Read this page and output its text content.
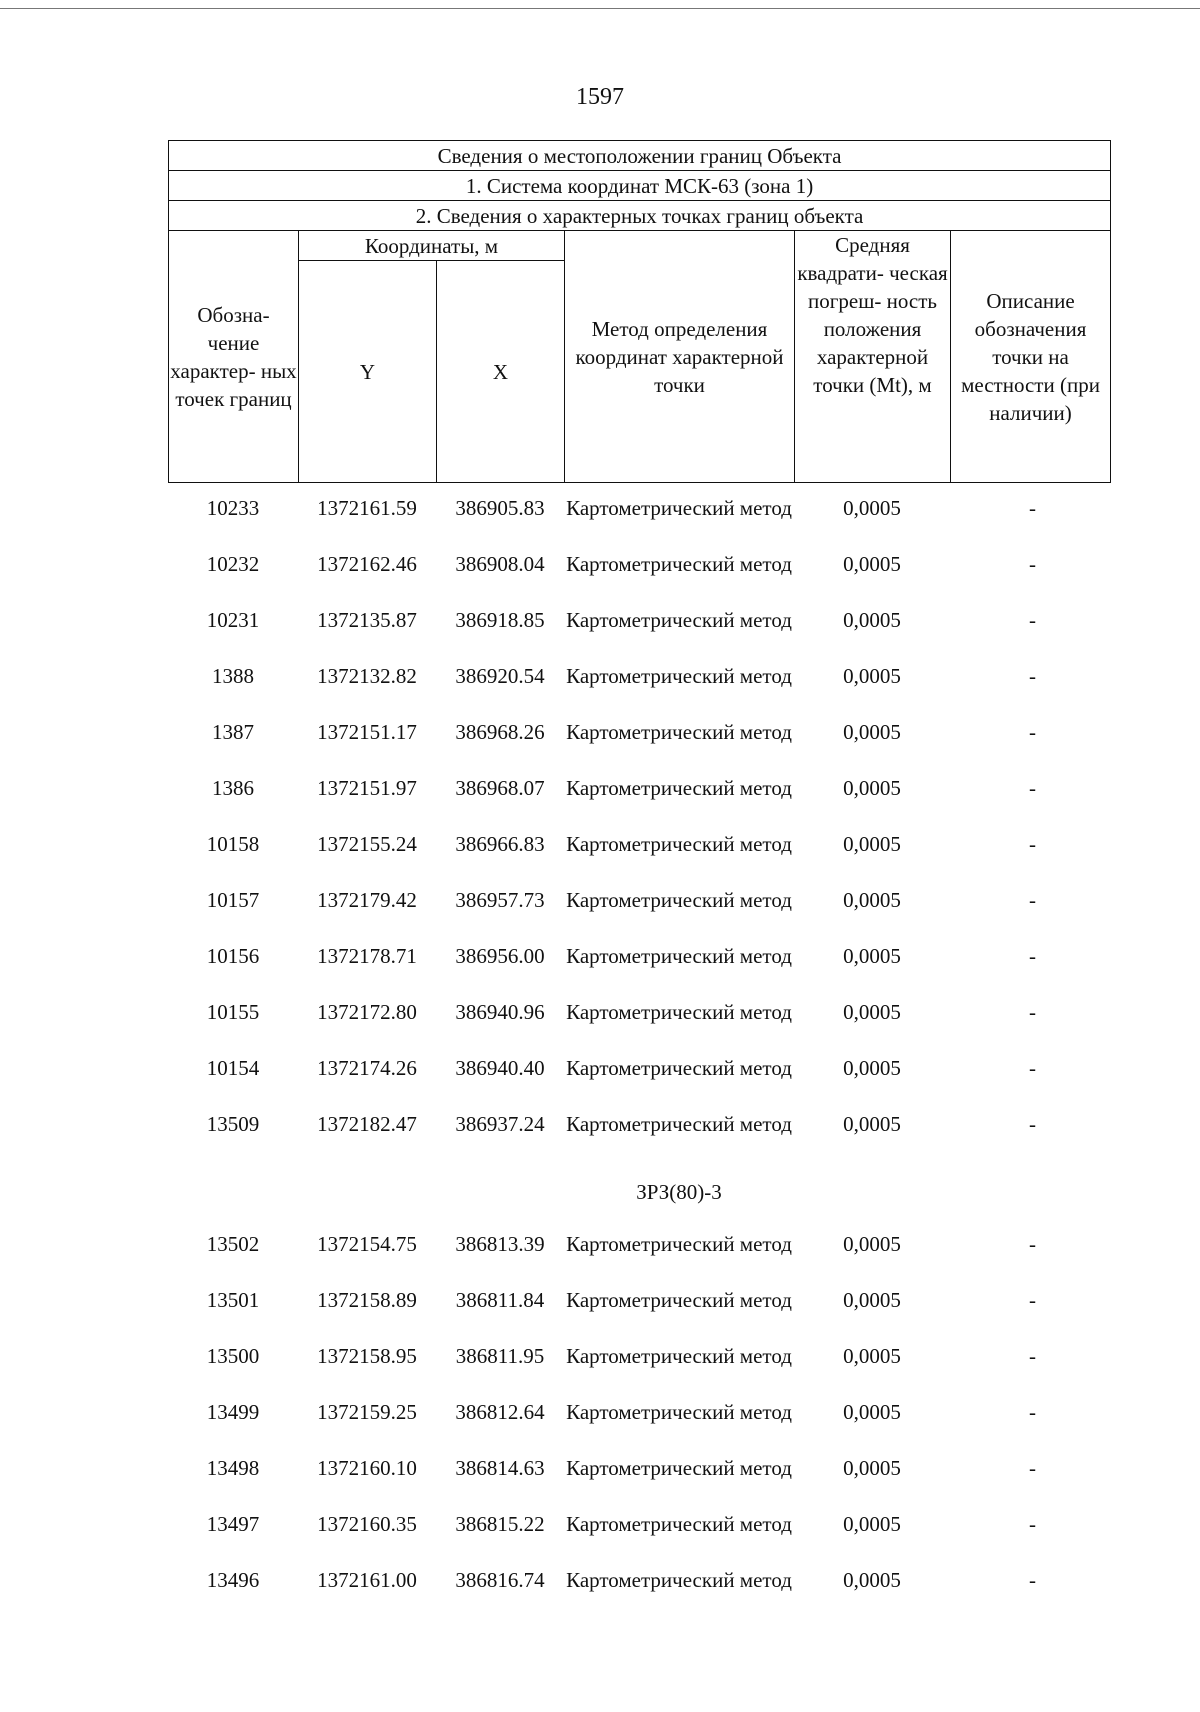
1597
Сведения о местоположении границ Объекта					
1. Система координат МСК-63 (зона 1)					
2. Сведения о характерных точках границ объекта					
Обозна- чение характер- ных точек границ	Координаты, м		Метод определения координат характерной точки	Средняя квадрати- ческая погреш- ность положения характерной точки (Mt), м	Описание обозначения точки на местности (при наличии)
	Y	X			
10233	1372161.59	386905.83	Картометрический метод	0,0005	-
10232	1372162.46	386908.04	Картометрический метод	0,0005	-
10231	1372135.87	386918.85	Картометрический метод	0,0005	-
1388	1372132.82	386920.54	Картометрический метод	0,0005	-
1387	1372151.17	386968.26	Картометрический метод	0,0005	-
1386	1372151.97	386968.07	Картометрический метод	0,0005	-
10158	1372155.24	386966.83	Картометрический метод	0,0005	-
10157	1372179.42	386957.73	Картометрический метод	0,0005	-
10156	1372178.71	386956.00	Картометрический метод	0,0005	-
10155	1372172.80	386940.96	Картометрический метод	0,0005	-
10154	1372174.26	386940.40	Картометрический метод	0,0005	-
13509	1372182.47	386937.24	Картометрический метод	0,0005	-
			ЗРЗ(80)-3		
13502	1372154.75	386813.39	Картометрический метод	0,0005	-
13501	1372158.89	386811.84	Картометрический метод	0,0005	-
13500	1372158.95	386811.95	Картометрический метод	0,0005	-
13499	1372159.25	386812.64	Картометрический метод	0,0005	-
13498	1372160.10	386814.63	Картометрический метод	0,0005	-
13497	1372160.35	386815.22	Картометрический метод	0,0005	-
13496	1372161.00	386816.74	Картометрический метод	0,0005	-
